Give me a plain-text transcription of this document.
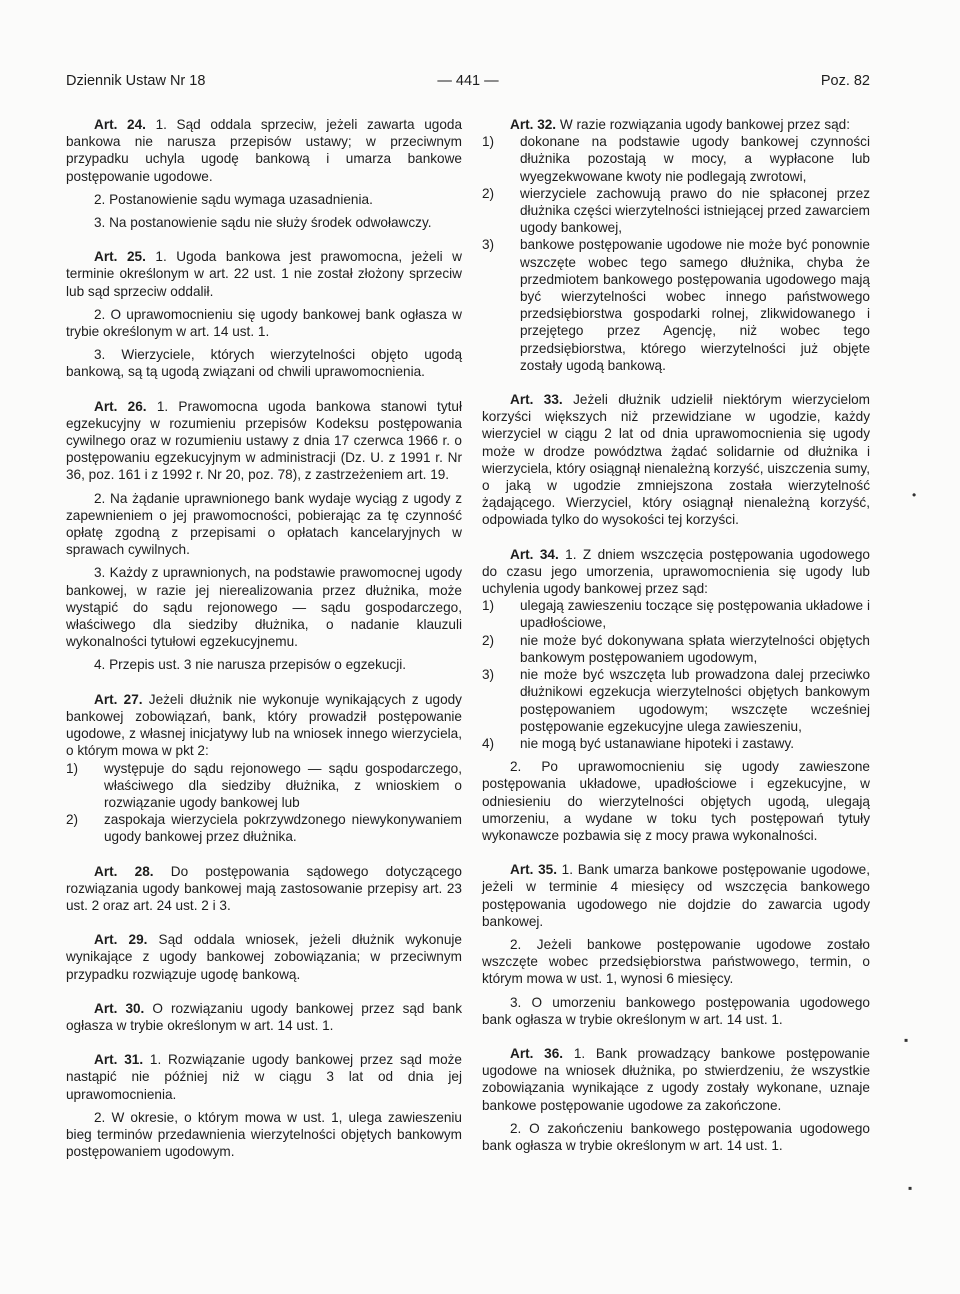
Dziennik Ustaw Nr 18	— 441 —	Poz. 82

Art. 24. 1. Sąd oddala sprzeciw, jeżeli zawarta ugoda bankowa nie narusza przepisów ustawy; w przeciwnym przypadku uchyla ugodę bankową i umarza bankowe postępowanie ugodowe.

2. Postanowienie sądu wymaga uzasadnienia.

3. Na postanowienie sądu nie służy środek odwoławczy.

Art. 25. 1. Ugoda bankowa jest prawomocna, jeżeli w terminie określonym w art. 22 ust. 1 nie został złożony sprzeciw lub sąd sprzeciw oddalił.

2. O uprawomocnieniu się ugody bankowej bank ogłasza w trybie określonym w art. 14 ust. 1.

3. Wierzyciele, których wierzytelności objęto ugodą bankową, są tą ugodą związani od chwili uprawomocnienia.

Art. 26. 1. Prawomocna ugoda bankowa stanowi tytuł egzekucyjny w rozumieniu przepisów Kodeksu postępowania cywilnego oraz w rozumieniu ustawy z dnia 17 czerwca 1966 r. o postępowaniu egzekucyjnym w administracji (Dz. U. z 1991 r. Nr 36, poz. 161 i z 1992 r. Nr 20, poz. 78), z zastrzeżeniem art. 19.

2. Na żądanie uprawnionego bank wydaje wyciąg z ugody z zapewnieniem o jej prawomocności, pobierając za tę czynność opłatę zgodną z przepisami o opłatach kancelaryjnych w sprawach cywilnych.

3. Każdy z uprawnionych, na podstawie prawomocnej ugody bankowej, w razie jej nierealizowania przez dłużnika, może wystąpić do sądu rejonowego — sądu gospodarczego, właściwego dla siedziby dłużnika, o nadanie klauzuli wykonalności tytułowi egzekucyjnemu.

4. Przepis ust. 3 nie narusza przepisów o egzekucji.

Art. 27. Jeżeli dłużnik nie wykonuje wynikających z ugody bankowej zobowiązań, bank, który prowadził postępowanie ugodowe, z własnej inicjatywy lub na wniosek innego wierzyciela, o którym mowa w pkt 2:

1)	występuje do sądu rejonowego — sądu gospodarczego, właściwego dla siedziby dłużnika, z wnioskiem o rozwiązanie ugody bankowej lub
2)	zaspokaja wierzyciela pokrzywdzonego niewykonywaniem ugody bankowej przez dłużnika.

Art. 28. Do postępowania sądowego dotyczącego rozwiązania ugody bankowej mają zastosowanie przepisy art. 23 ust. 2 oraz art. 24 ust. 2 i 3.

Art. 29. Sąd oddala wniosek, jeżeli dłużnik wykonuje wynikające z ugody bankowej zobowiązania; w przeciwnym przypadku rozwiązuje ugodę bankową.

Art. 30. O rozwiązaniu ugody bankowej przez sąd bank ogłasza w trybie określonym w art. 14 ust. 1.

Art. 31. 1. Rozwiązanie ugody bankowej przez sąd może nastąpić nie później niż w ciągu 3 lat od dnia jej uprawomocnienia.

2. W okresie, o którym mowa w ust. 1, ulega zawieszeniu bieg terminów przedawnienia wierzytelności objętych bankowym postępowaniem ugodowym.

Art. 32. W razie rozwiązania ugody bankowej przez sąd:

1)	dokonane na podstawie ugody bankowej czynności dłużnika pozostają w mocy, a wypłacone lub wyegzekwowane kwoty nie podlegają zwrotowi,
2)	wierzyciele zachowują prawo do nie spłaconej przez dłużnika części wierzytelności istniejącej przed zawarciem ugody bankowej,
3)	bankowe postępowanie ugodowe nie może być ponownie wszczęte wobec tego samego dłużnika, chyba że przedmiotem bankowego postępowania ugodowego mają być wierzytelności wobec innego państwowego przedsiębiorstwa gospodarki rolnej, zlikwidowanego i przejętego przez Agencję, niż wobec tego przedsiębiorstwa, którego wierzytelności już objęte zostały ugodą bankową.

Art. 33. Jeżeli dłużnik udzielił niektórym wierzycielom korzyści większych niż przewidziane w ugodzie, każdy wierzyciel w ciągu 2 lat od dnia uprawomocnienia się ugody może w drodze powództwa żądać solidarnie od dłużnika i wierzyciela, który osiągnął nienależną korzyść, uiszczenia sumy, o jaką w ugodzie zmniejszona została wierzytelność żądającego. Wierzyciel, który osiągnął nienależną korzyść, odpowiada tylko do wysokości tej korzyści.

Art. 34. 1. Z dniem wszczęcia postępowania ugodowego do czasu jego umorzenia, uprawomocnienia się ugody lub uchylenia ugody bankowej przez sąd:

1)	ulegają zawieszeniu toczące się postępowania układowe i upadłościowe,
2)	nie może być dokonywana spłata wierzytelności objętych bankowym postępowaniem ugodowym,
3)	nie może być wszczęta lub prowadzona dalej przeciwko dłużnikowi egzekucja wierzytelności objętych bankowym postępowaniem ugodowym; wszczęte wcześniej postępowanie egzekucyjne ulega zawieszeniu,
4)	nie mogą być ustanawiane hipoteki i zastawy.

2. Po uprawomocnieniu się ugody zawieszone postępowania układowe, upadłościowe i egzekucyjne, w odniesieniu do wierzytelności objętych ugodą, ulegają umorzeniu, a wydane w toku tych postępowań tytuły wykonawcze pozbawia się z mocy prawa wykonalności.

Art. 35. 1. Bank umarza bankowe postępowanie ugodowe, jeżeli w terminie 4 miesięcy od wszczęcia bankowego postępowania ugodowego nie dojdzie do zawarcia ugody bankowej.

2. Jeżeli bankowe postępowanie ugodowe zostało wszczęte wobec przedsiębiorstwa państwowego, termin, o którym mowa w ust. 1, wynosi 6 miesięcy.

3. O umorzeniu bankowego postępowania ugodowego bank ogłasza w trybie określonym w art. 14 ust. 1.

Art. 36. 1. Bank prowadzący bankowe postępowanie ugodowe na wniosek dłużnika, po stwierdzeniu, że wszystkie zobowiązania wynikające z ugody zostały wykonane, uznaje bankowe postępowanie ugodowe za zakończone.

2. O zakończeniu bankowego postępowania ugodowego bank ogłasza w trybie określonym w art. 14 ust. 1.

•
▪
▪
